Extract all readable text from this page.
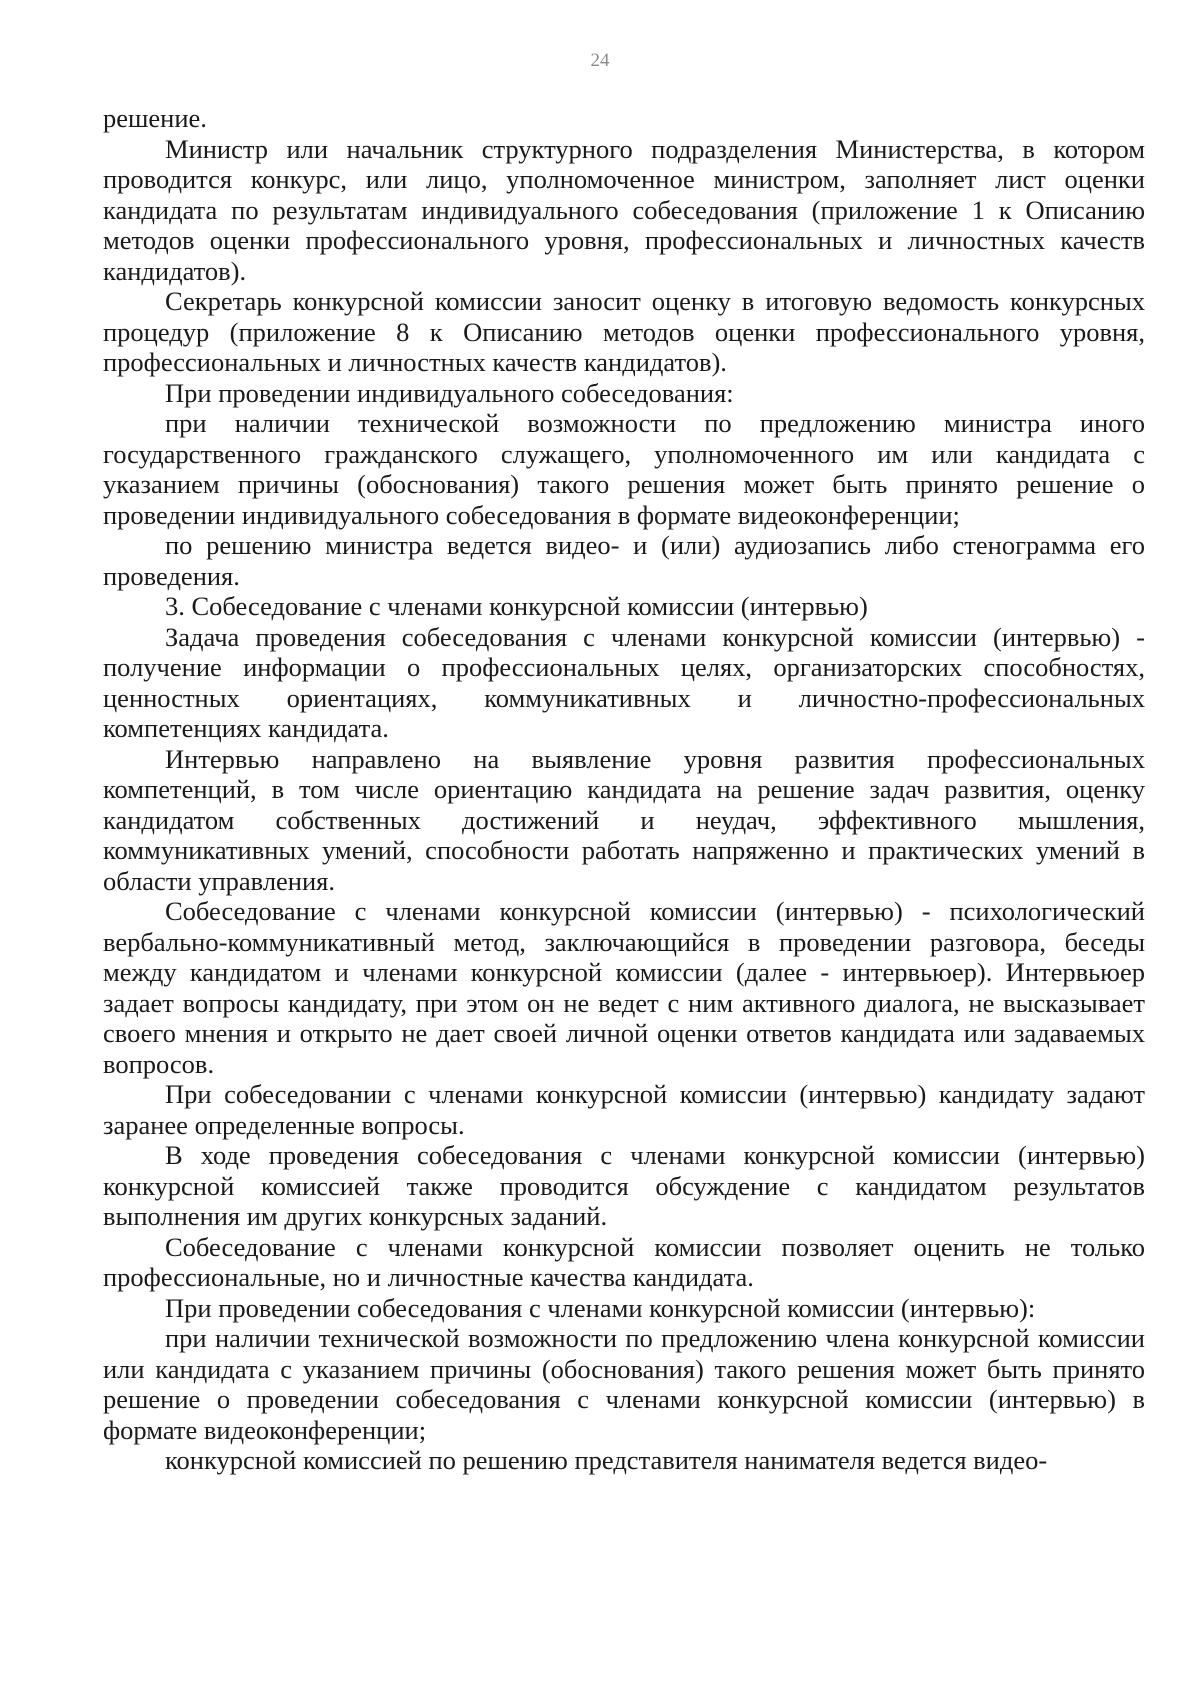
24

решение.

Министр или начальник структурного подразделения Министерства, в котором проводится конкурс, или лицо, уполномоченное министром, заполняет лист оценки кандидата по результатам индивидуального собеседования (приложение 1 к Описанию методов оценки профессионального уровня, профессиональных и личностных качеств кандидатов).

Секретарь конкурсной комиссии заносит оценку в итоговую ведомость конкурсных процедур (приложение 8 к Описанию методов оценки профессионального уровня, профессиональных и личностных качеств кандидатов).

При проведении индивидуального собеседования:

при наличии технической возможности по предложению министра иного государственного гражданского служащего, уполномоченного им или кандидата с указанием причины (обоснования) такого решения может быть принято решение о проведении индивидуального собеседования в формате видеоконференции;

по решению министра ведется видео- и (или) аудиозапись либо стенограмма его проведения.

3. Собеседование с членами конкурсной комиссии (интервью)

Задача проведения собеседования с членами конкурсной комиссии (интервью) - получение информации о профессиональных целях, организаторских способностях, ценностных ориентациях, коммуникативных и личностно-профессиональных компетенциях кандидата.

Интервью направлено на выявление уровня развития профессиональных компетенций, в том числе ориентацию кандидата на решение задач развития, оценку кандидатом собственных достижений и неудач, эффективного мышления, коммуникативных умений, способности работать напряженно и практических умений в области управления.

Собеседование с членами конкурсной комиссии (интервью) - психологический вербально-коммуникативный метод, заключающийся в проведении разговора, беседы между кандидатом и членами конкурсной комиссии (далее - интервьюер). Интервьюер задает вопросы кандидату, при этом он не ведет с ним активного диалога, не высказывает своего мнения и открыто не дает своей личной оценки ответов кандидата или задаваемых вопросов.

При собеседовании с членами конкурсной комиссии (интервью) кандидату задают заранее определенные вопросы.

В ходе проведения собеседования с членами конкурсной комиссии (интервью) конкурсной комиссией также проводится обсуждение с кандидатом результатов выполнения им других конкурсных заданий.

Собеседование с членами конкурсной комиссии позволяет оценить не только профессиональные, но и личностные качества кандидата.

При проведении собеседования с членами конкурсной комиссии (интервью):

при наличии технической возможности по предложению члена конкурсной комиссии или кандидата с указанием причины (обоснования) такого решения может быть принято решение о проведении собеседования с членами конкурсной комиссии (интервью) в формате видеоконференции;

конкурсной комиссией по решению представителя нанимателя ведется видео-
